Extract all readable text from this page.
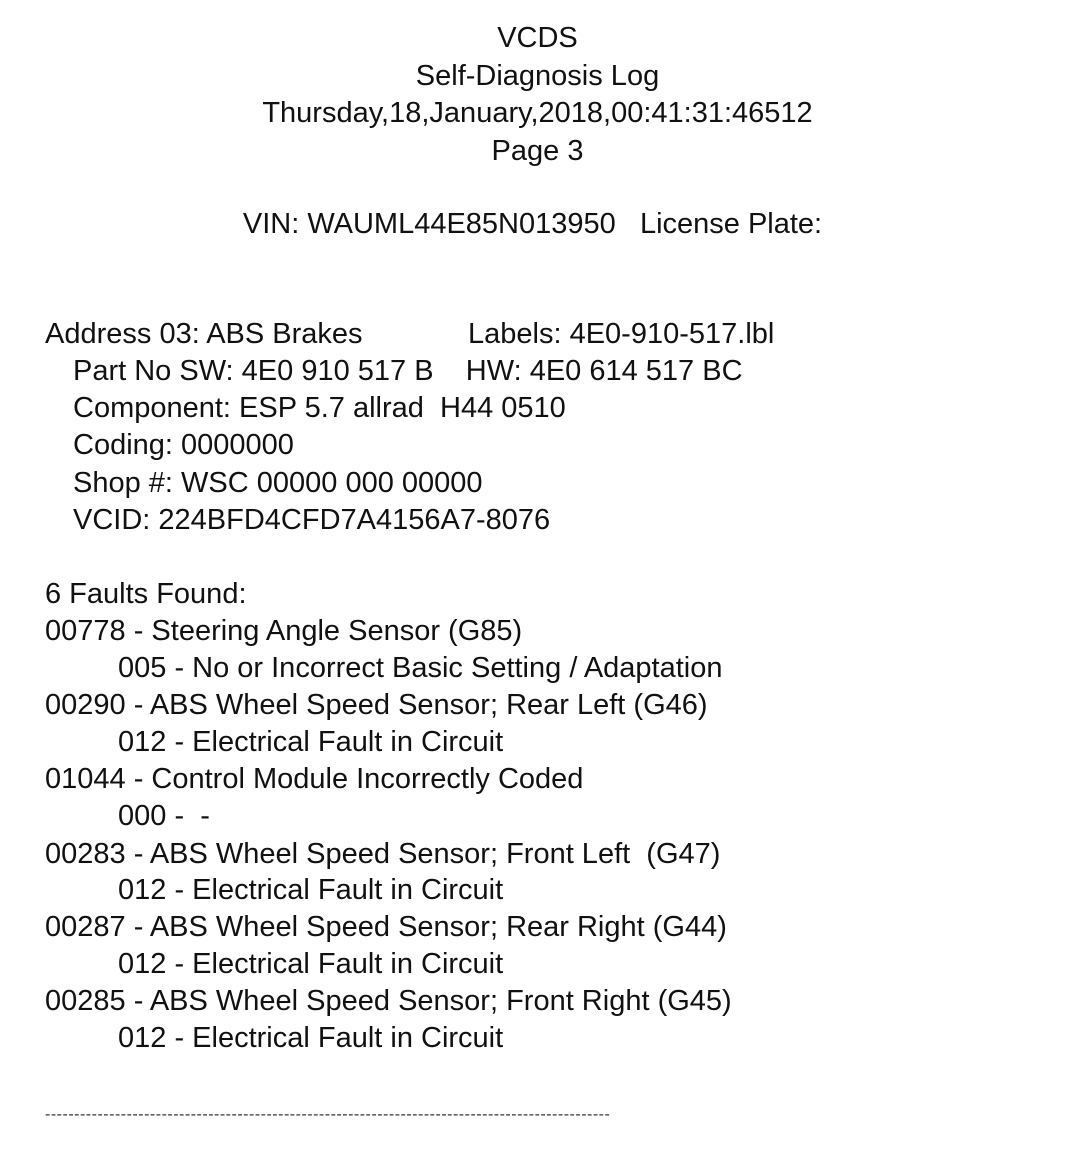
VCDS
Self-Diagnosis Log
Thursday,18,January,2018,00:41:31:46512
Page 3
VIN: WAUML44E85N013950   License Plate:
Address 03: ABS Brakes	Labels: 4E0-910-517.lbl
Part No SW: 4E0 910 517 B    HW: 4E0 614 517 BC
Component: ESP 5.7 allrad  H44 0510
Coding: 0000000
Shop #: WSC 00000 000 00000
VCID: 224BFD4CFD7A4156A7-8076
6 Faults Found:
00778 - Steering Angle Sensor (G85)
005 - No or Incorrect Basic Setting / Adaptation
00290 - ABS Wheel Speed Sensor; Rear Left (G46)
012 - Electrical Fault in Circuit
01044 - Control Module Incorrectly Coded
000 -  -
00283 - ABS Wheel Speed Sensor; Front Left  (G47)
012 - Electrical Fault in Circuit
00287 - ABS Wheel Speed Sensor; Rear Right (G44)
012 - Electrical Fault in Circuit
00285 - ABS Wheel Speed Sensor; Front Right (G45)
012 - Electrical Fault in Circuit
-------------------------------------------------------------------------------------------------
